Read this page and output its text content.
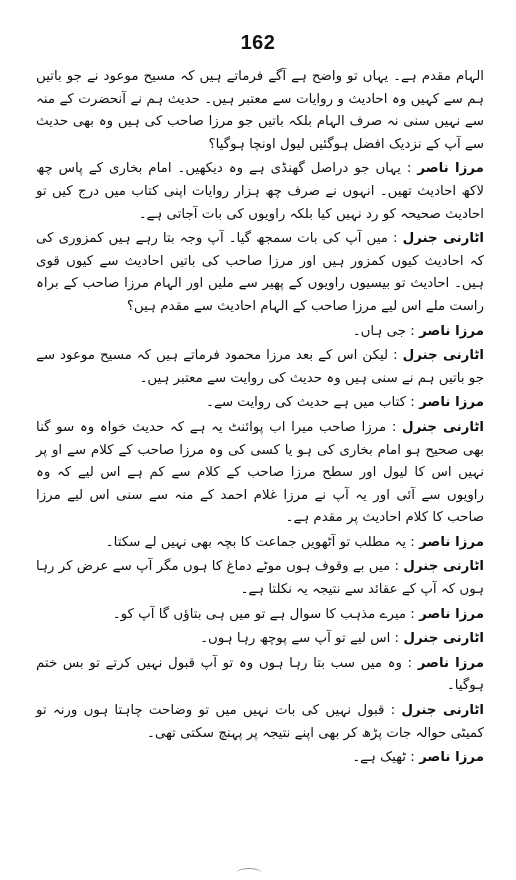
162

الہام مقدم ہے۔ یہاں تو واضح ہے آگے فرماتے ہیں کہ مسیح موعود نے جو باتیں ہم سے کہیں وہ احادیث و روایات سے معتبر ہیں۔ حدیث ہم نے آنحضرت کے منہ سے نہیں سنی نہ صرف الہام بلکہ باتیں جو مرزا صاحب کی ہیں وہ بھی حدیث سے آپ کے نزدیک افضل ہوگئیں لیول اونچا ہوگیا؟

مرزا ناصر : یہاں جو دراصل گھنڈی ہے وہ دیکھیں۔ امام بخاری کے پاس چھ لاکھ احادیث تھیں۔ انہوں نے صرف چھ ہزار روایات اپنی کتاب میں درج کیں تو احادیث صحیحہ کو رد نہیں کیا بلکہ راویوں کی بات آجاتی ہے۔

اٹارنی جنرل : میں آپ کی بات سمجھ گیا۔ آپ وجہ بتا رہے ہیں کمزوری کی کہ احادیث کیوں کمزور ہیں اور مرزا صاحب کی باتیں احادیث سے کیوں قوی ہیں۔ احادیث تو بیسیوں راویوں کے پھیر سے ملیں اور الہام مرزا صاحب کے براہ راست ملے اس لیے مرزا صاحب کے الہام احادیث سے مقدم ہیں؟

مرزا ناصر : جی ہاں۔

اٹارنی جنرل : لیکن اس کے بعد مرزا محمود فرماتے ہیں کہ مسیح موعود سے جو باتیں ہم نے سنی ہیں وہ حدیث کی روایت سے معتبر ہیں۔

مرزا ناصر : کتاب میں ہے حدیث کی روایت سے۔

اٹارنی جنرل : مرزا صاحب میرا اب پوائنٹ یہ ہے کہ حدیث خواہ وہ سو گنا بھی صحیح ہو امام بخاری کی ہو یا کسی کی وہ مرزا صاحب کے کلام سے او پر نہیں اس کا لیول اور سطح مرزا صاحب کے کلام سے کم ہے اس لیے کہ وہ راویوں سے آئی اور یہ آپ نے مرزا غلام احمد کے منہ سے سنی اس لیے مرزا صاحب کا کلام احادیث پر مقدم ہے۔

مرزا ناصر : یہ مطلب تو آٹھویں جماعت کا بچہ بھی نہیں لے سکتا۔

اٹارنی جنرل : میں بے وقوف ہوں موٹے دماغ کا ہوں مگر آپ سے عرض کر رہا ہوں کہ آپ کے عقائد سے نتیجہ یہ نکلتا ہے۔

مرزا ناصر : میرے مذہب کا سوال ہے تو میں ہی بتاؤں گا آپ کو۔

اٹارنی جنرل : اس لیے تو آپ سے پوچھ رہا ہوں۔

مرزا ناصر : وہ میں سب بتا رہا ہوں وہ تو آپ قبول نہیں کرتے تو بس ختم ہوگیا۔

اٹارنی جنرل : قبول نہیں کی بات نہیں میں تو وضاحت چاہتا ہوں ورنہ تو کمیٹی حوالہ جات پڑھ کر بھی اپنے نتیجہ پر پہنچ سکتی تھی۔

مرزا ناصر : ٹھیک ہے۔
